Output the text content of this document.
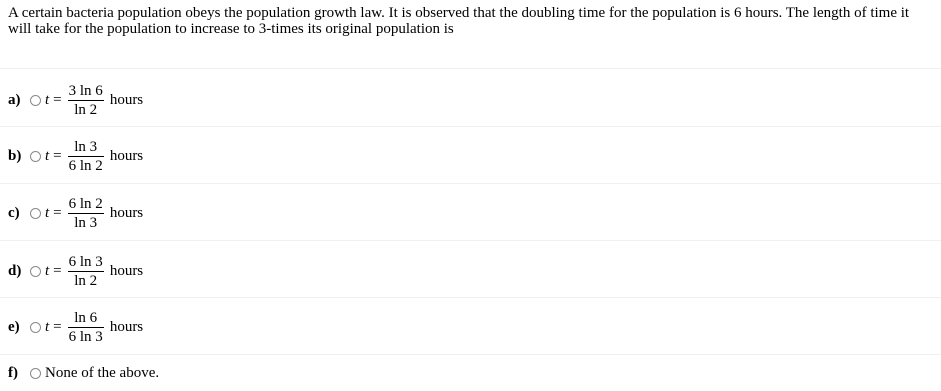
A certain bacteria population obeys the population growth law. It is observed that the doubling time for the population is 6 hours. The length of time it will take for the population to increase to 3-times its original population is
a)	$t = \frac{3 \ln 6}{\ln 2}$ hours
b)	$t = \frac{\ln 3}{6 \ln 2}$ hours
c)	$t = \frac{6 \ln 2}{\ln 3}$ hours
d)	$t = \frac{6 \ln 3}{\ln 2}$ hours
e)	$t = \frac{\ln 6}{6 \ln 3}$ hours
f)	None of the above.
